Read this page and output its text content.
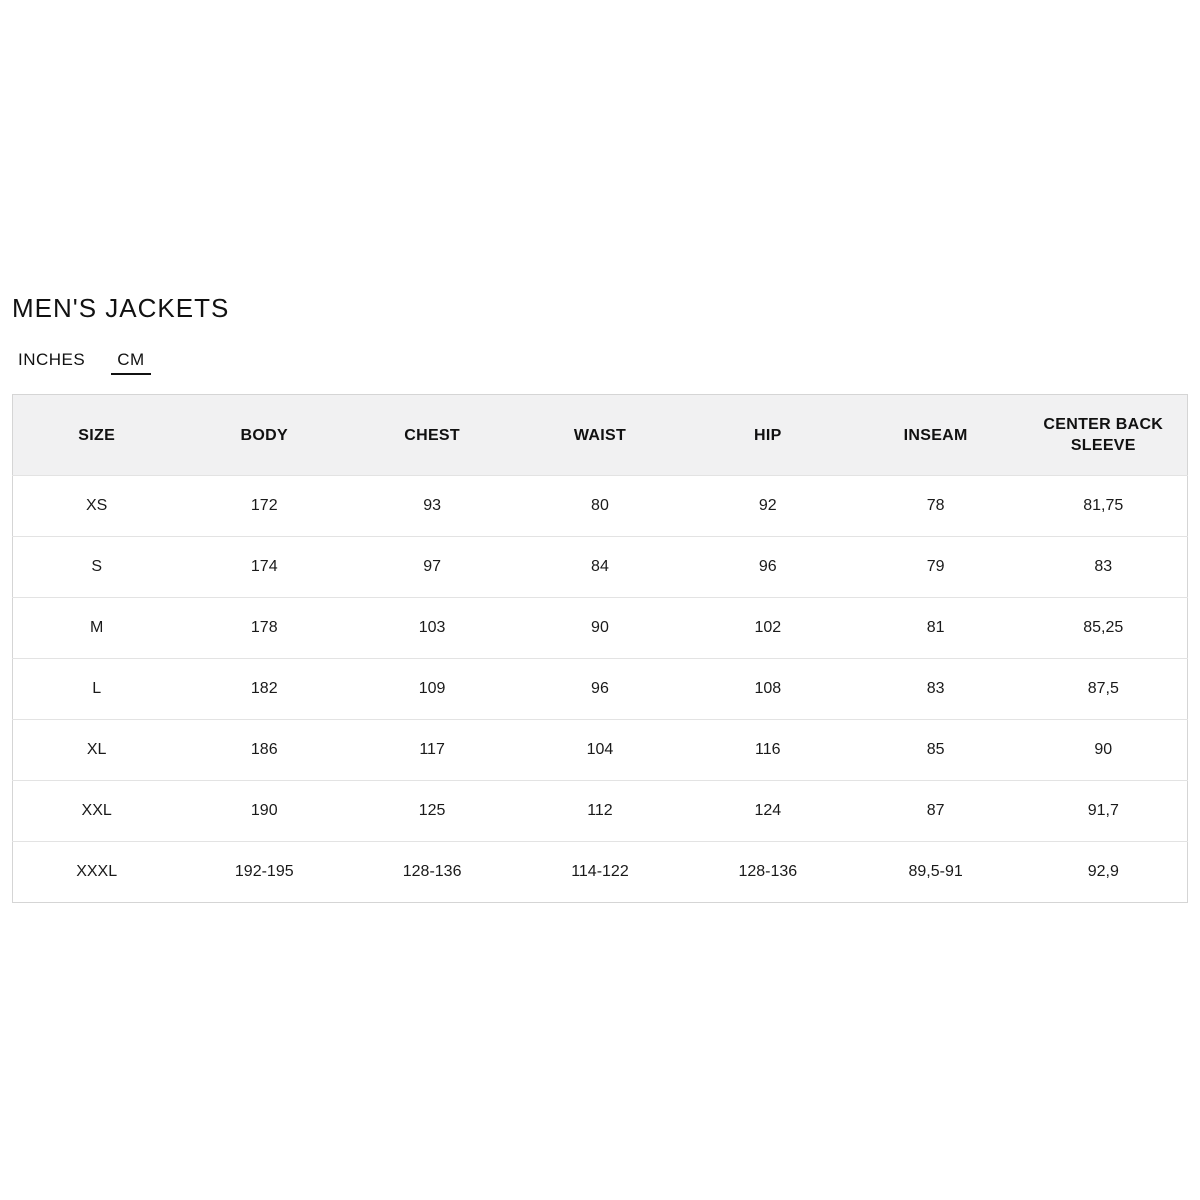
MEN'S JACKETS
INCHES	CM
SIZE	BODY	CHEST	WAIST	HIP	INSEAM	CENTER BACK SLEEVE
XS	172	93	80	92	78	81,75
S	174	97	84	96	79	83
M	178	103	90	102	81	85,25
L	182	109	96	108	83	87,5
XL	186	117	104	116	85	90
XXL	190	125	112	124	87	91,7
XXXL	192-195	128-136	114-122	128-136	89,5-91	92,9
